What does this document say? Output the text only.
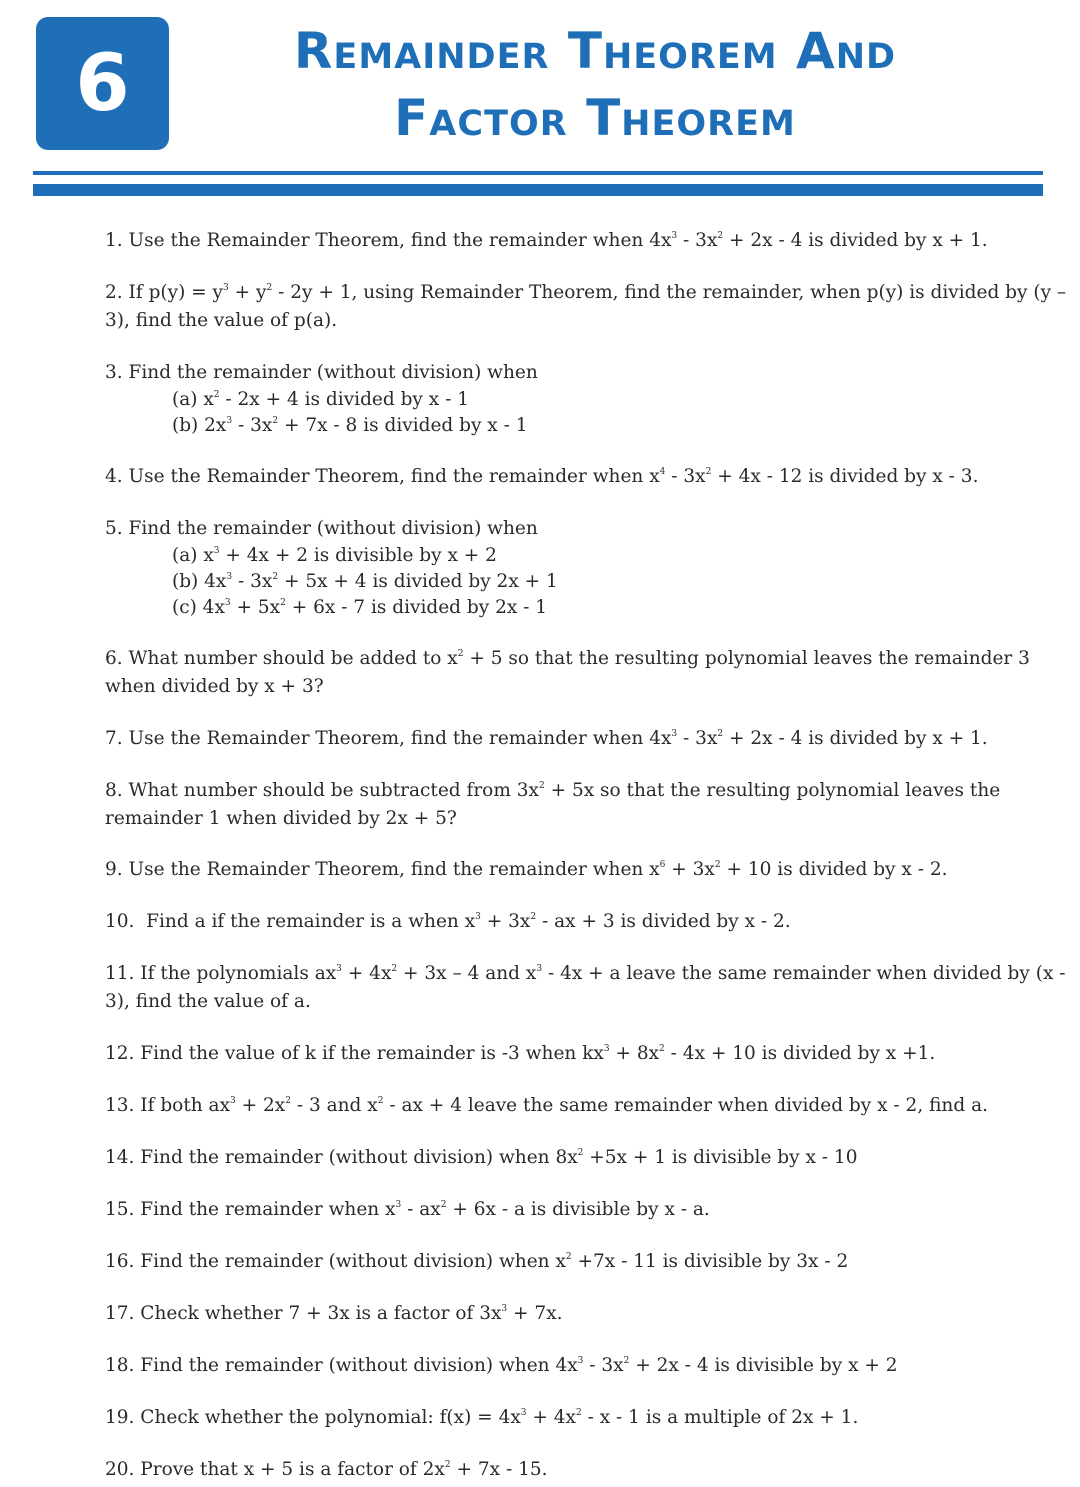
6	Remainder Theorem And
Factor Theorem
1. Use the Remainder Theorem, find the remainder when $4x^3 - 3x^2 + 2x - 4$ is divided by x + 1.
2. If $p(y) = y^3 + y^2 - 2y + 1$, using Remainder Theorem, find the remainder, when p(y) is divided by (y –
3), find the value of p(a).
3. Find the remainder (without division) when
(a) $x^2 - 2x + 4$ is divided by x - 1
(b) $2x^3 - 3x^2 + 7x - 8$ is divided by x - 1
4. Use the Remainder Theorem, find the remainder when $x^4 - 3x^2 + 4x - 12$ is divided by x - 3.
5. Find the remainder (without division) when
(a) $x^3 + 4x + 2$ is divisible by x + 2
(b) $4x^3 - 3x^2 + 5x + 4$ is divided by 2x + 1
(c) $4x^3 + 5x^2 + 6x - 7$ is divided by 2x - 1
6. What number should be added to $x^2 + 5$ so that the resulting polynomial leaves the remainder 3
when divided by x + 3?
7. Use the Remainder Theorem, find the remainder when $4x^3 - 3x^2 + 2x - 4$ is divided by x + 1.
8. What number should be subtracted from $3x^2 + 5x$ so that the resulting polynomial leaves the
remainder 1 when divided by 2x + 5?
9. Use the Remainder Theorem, find the remainder when $x^6 + 3x^2 + 10$ is divided by x - 2.
10.  Find a if the remainder is a when $x^3 + 3x^2$ - ax + 3 is divided by x - 2.
11. If the polynomials $ax^3 + 4x^2 + 3x - 4$ and $x^3 - 4x + a$ leave the same remainder when divided by (x -
3), find the value of a.
12. Find the value of k if the remainder is -3 when $kx^3 + 8x^2 - 4x + 10$ is divided by x +1.
13. If both $ax^3 + 2x^2 - 3$ and $x^2$ - ax + 4 leave the same remainder when divided by x - 2, find a.
14. Find the remainder (without division) when $8x^2 +5x + 1$ is divisible by x - 10
15. Find the remainder when $x^3 - ax^2 + 6x - a$ is divisible by x - a.
16. Find the remainder (without division) when $x^2 +7x - 11$ is divisible by 3x - 2
17. Check whether 7 + 3x is a factor of $3x^3 + 7x$.
18. Find the remainder (without division) when $4x^3 - 3x^2 + 2x - 4$ is divisible by x + 2
19. Check whether the polynomial: $f(x) = 4x^3 + 4x^2 - x - 1$ is a multiple of 2x + 1.
20. Prove that x + 5 is a factor of $2x^2 + 7x - 15$.
